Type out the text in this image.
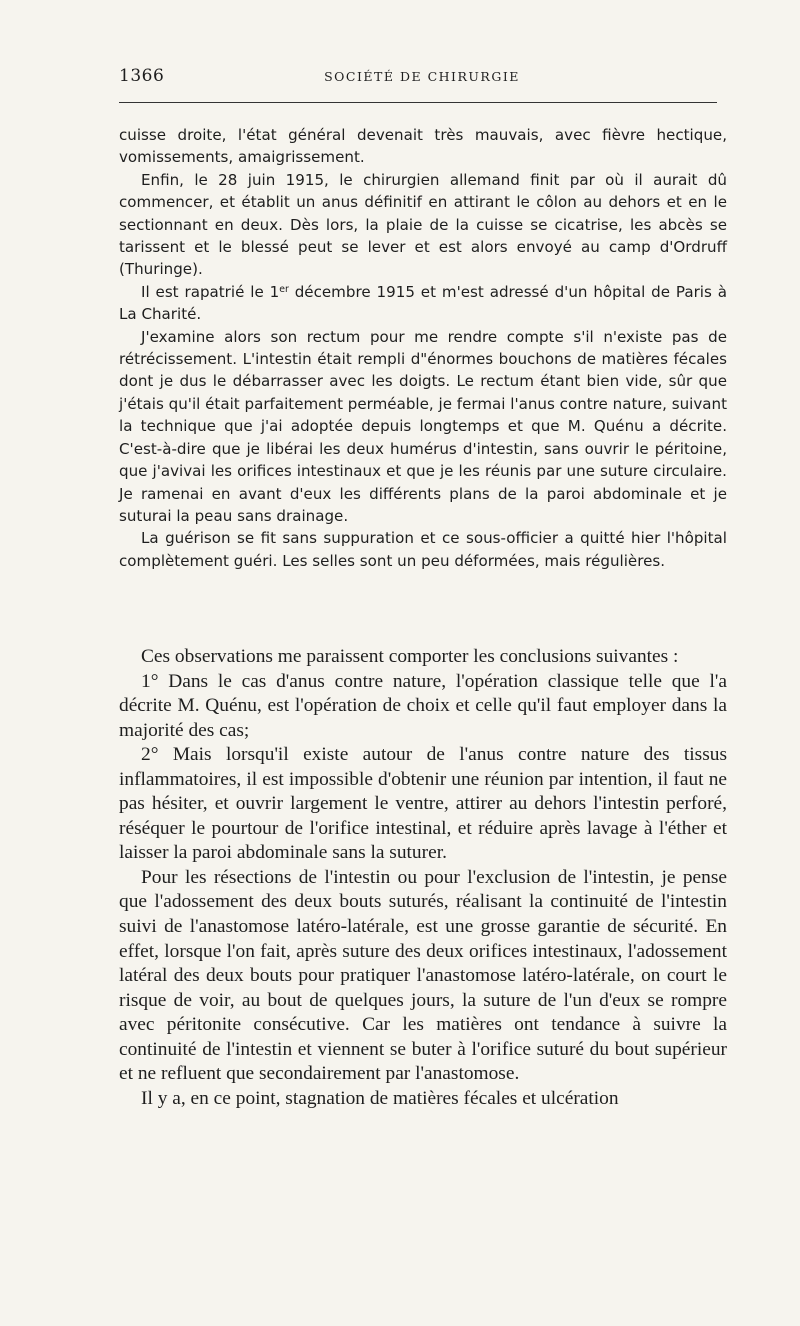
1366	SOCIÉTÉ DE CHIRURGIE

cuisse droite, l'état général devenait très mauvais, avec fièvre hectique, vomissements, amaigrissement.

Enfin, le 28 juin 1915, le chirurgien allemand finit par où il aurait dû commencer, et établit un anus définitif en attirant le côlon au dehors et en le sectionnant en deux. Dès lors, la plaie de la cuisse se cicatrise, les abcès se tarissent et le blessé peut se lever et est alors envoyé au camp d'Ordruff (Thuringe).

Il est rapatrié le 1er décembre 1915 et m'est adressé d'un hôpital de Paris à La Charité.

J'examine alors son rectum pour me rendre compte s'il n'existe pas de rétrécissement. L'intestin était rempli d"énormes bouchons de matières fécales dont je dus le débarrasser avec les doigts. Le rectum étant bien vide, sûr que j'étais qu'il était parfaitement perméable, je fermai l'anus contre nature, suivant la technique que j'ai adoptée depuis longtemps et que M. Quénu a décrite. C'est-à-dire que je libérai les deux humérus d'intestin, sans ouvrir le péritoine, que j'avivai les orifices intestinaux et que je les réunis par une suture circulaire. Je ramenai en avant d'eux les différents plans de la paroi abdominale et je suturai la peau sans drainage.

La guérison se fit sans suppuration et ce sous-officier a quitté hier l'hôpital complètement guéri. Les selles sont un peu déformées, mais régulières.

Ces observations me paraissent comporter les conclusions suivantes :

1° Dans le cas d'anus contre nature, l'opération classique telle que l'a décrite M. Quénu, est l'opération de choix et celle qu'il faut employer dans la majorité des cas;

2° Mais lorsqu'il existe autour de l'anus contre nature des tissus inflammatoires, il est impossible d'obtenir une réunion par intention, il faut ne pas hésiter, et ouvrir largement le ventre, attirer au dehors l'intestin perforé, réséquer le pourtour de l'orifice intestinal, et réduire après lavage à l'éther et laisser la paroi abdominale sans la suturer.

Pour les résections de l'intestin ou pour l'exclusion de l'intestin, je pense que l'adossement des deux bouts suturés, réalisant la continuité de l'intestin suivi de l'anastomose latéro-latérale, est une grosse garantie de sécurité. En effet, lorsque l'on fait, après suture des deux orifices intestinaux, l'adossement latéral des deux bouts pour pratiquer l'anastomose latéro-latérale, on court le risque de voir, au bout de quelques jours, la suture de l'un d'eux se rompre avec péritonite consécutive. Car les matières ont tendance à suivre la continuité de l'intestin et viennent se buter à l'orifice suturé du bout supérieur et ne refluent que secondairement par l'anastomose.

Il y a, en ce point, stagnation de matières fécales et ulcération
